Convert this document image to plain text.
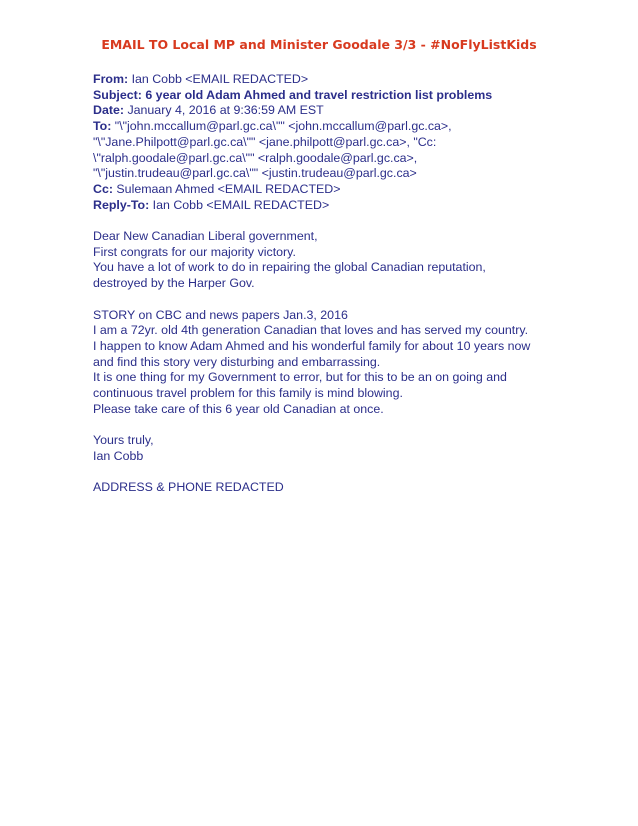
EMAIL TO Local MP and Minister Goodale 3/3 - #NoFlyListKids
From: Ian Cobb <EMAIL REDACTED>
Subject: 6 year old Adam Ahmed and travel restriction list problems
Date: January 4, 2016 at 9:36:59 AM EST
To: "\"john.mccallum@parl.gc.ca\"" <john.mccallum@parl.gc.ca>,
"\"Jane.Philpott@parl.gc.ca\"" <jane.philpott@parl.gc.ca>, "Cc:
\"ralph.goodale@parl.gc.ca\"" <ralph.goodale@parl.gc.ca>,
"\"justin.trudeau@parl.gc.ca\"" <justin.trudeau@parl.gc.ca>
Cc: Sulemaan Ahmed <EMAIL REDACTED>
Reply-To: Ian Cobb <EMAIL REDACTED>
Dear New Canadian Liberal government,
First congrats for our majority victory.
You have a lot of work to do in repairing the global Canadian reputation,
destroyed by the Harper Gov.
STORY on CBC and news papers Jan.3, 2016
I am a 72yr. old 4th generation Canadian that loves and has served my country.
I happen to know Adam Ahmed and his wonderful family for about 10 years now
and find this story very disturbing and embarrassing.
It is one thing for my Government to error, but for this to be an on going and
continuous travel problem for this family is mind blowing.
Please take care of this 6 year old Canadian at once.
Yours truly,
Ian Cobb
ADDRESS & PHONE REDACTED
